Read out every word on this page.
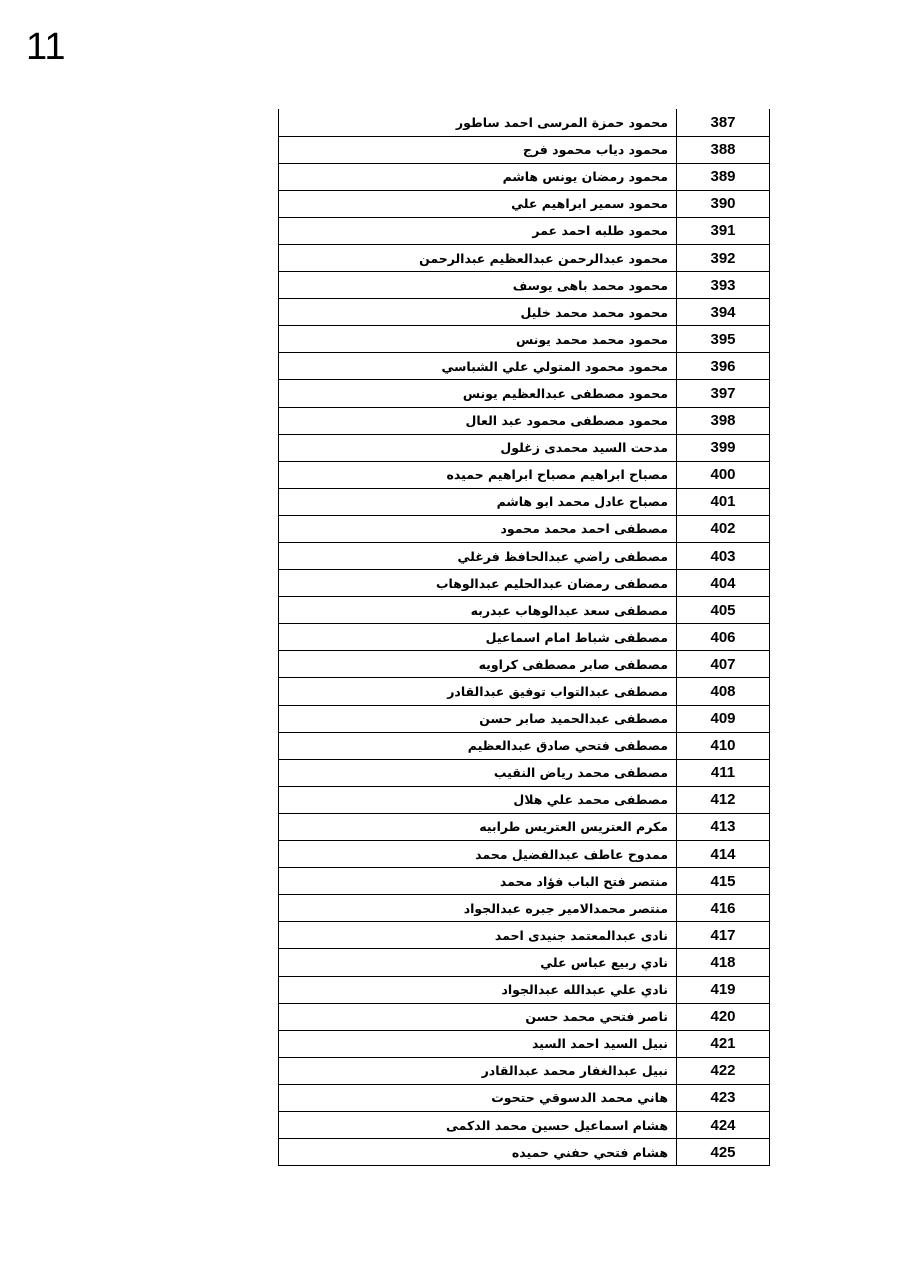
11
محمود حمزة المرسى احمد ساطور	387
محمود دياب محمود فرج	388
محمود رمضان يونس هاشم	389
محمود سمير ابراهيم علي	390
محمود طلبه احمد عمر	391
محمود عبدالرحمن عبدالعظيم عبدالرحمن	392
محمود محمد باهى يوسف	393
محمود محمد محمد خليل	394
محمود محمد محمد يونس	395
محمود محمود المتولي علي الشباسي	396
محمود مصطفى عبدالعظيم يونس	397
محمود مصطفى محمود عبد العال	398
مدحت السيد محمدى زغلول	399
مصباح ابراهيم مصباح ابراهيم حميده	400
مصباح عادل محمد ابو هاشم	401
مصطفى احمد محمد محمود	402
مصطفى راضي عبدالحافظ فرغلي	403
مصطفى رمضان عبدالحليم عبدالوهاب	404
مصطفى سعد عبدالوهاب عبدربه	405
مصطفى شباط امام اسماعيل	406
مصطفى صابر مصطفى كراويه	407
مصطفى عبدالتواب توفيق عبدالقادر	408
مصطفى عبدالحميد صابر حسن	409
مصطفى فتحي صادق عبدالعظيم	410
مصطفى محمد رياض النقيب	411
مصطفى محمد علي هلال	412
مكرم العتريس العتريس طرابيه	413
ممدوح عاطف عبدالفضيل محمد	414
منتصر فتح الباب فؤاد محمد	415
منتصر محمدالامير جبره عبدالجواد	416
نادى عبدالمعتمد جنيدى احمد	417
نادي ربيع عباس علي	418
نادي علي عبدالله عبدالجواد	419
ناصر فتحي محمد حسن	420
نبيل السيد احمد السيد	421
نبيل عبدالغفار محمد عبدالقادر	422
هاني محمد الدسوقي حتحوت	423
هشام اسماعيل حسين محمد الدكمى	424
هشام فتحي حفني حميده	425
